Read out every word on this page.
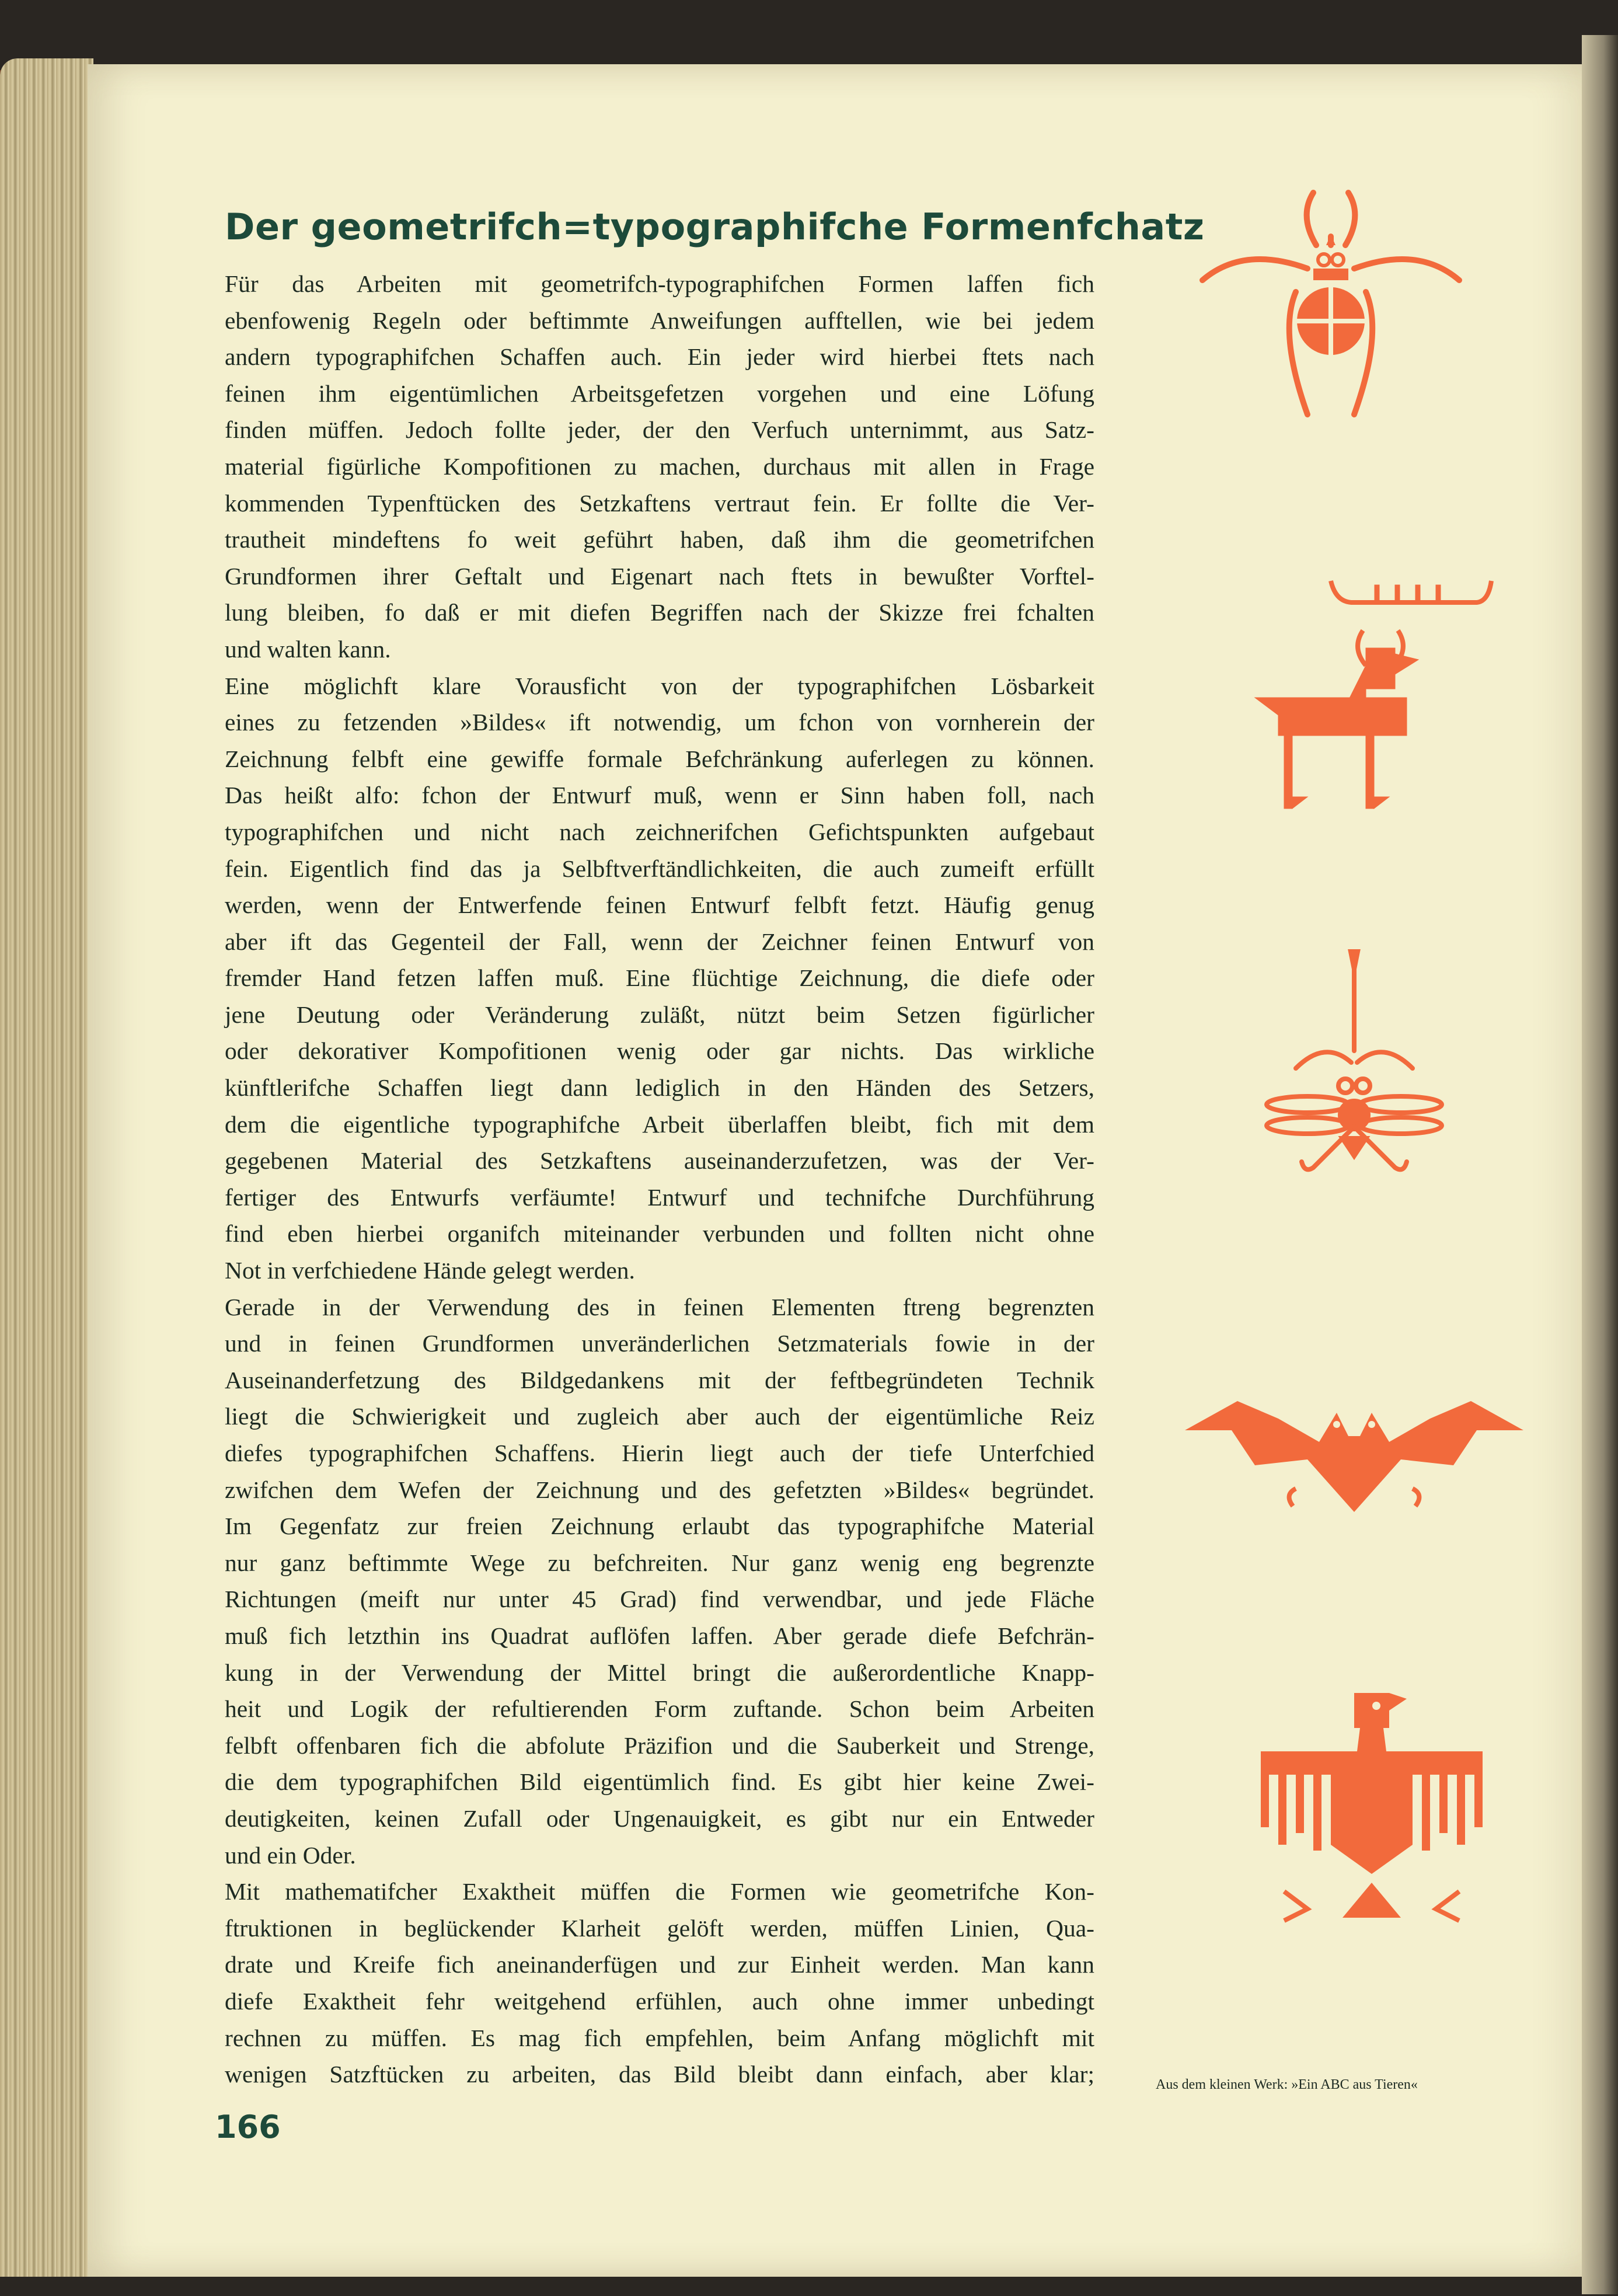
Der geometrifch=typographifche Formenfchatz
Für das Arbeiten mit geometrifch-typographifchen Formen laffen fich
ebenfowenig Regeln oder beftimmte Anweifungen aufftellen, wie bei jedem
andern typographifchen Schaffen auch. Ein jeder wird hierbei ftets nach
feinen ihm eigentümlichen Arbeitsgefetzen vorgehen und eine Löfung
finden müffen. Jedoch follte jeder, der den Verfuch unternimmt, aus Satz-
material figürliche Kompofitionen zu machen, durchaus mit allen in Frage
kommenden Typenftücken des Setzkaftens vertraut fein. Er follte die Ver-
trautheit mindeftens fo weit geführt haben, daß ihm die geometrifchen
Grundformen ihrer Geftalt und Eigenart nach ftets in bewußter Vorftel-
lung bleiben, fo daß er mit diefen Begriffen nach der Skizze frei fchalten
und walten kann.
Eine möglichft klare Vorausficht von der typographifchen Lösbarkeit
eines zu fetzenden »Bildes« ift notwendig, um fchon von vornherein der
Zeichnung felbft eine gewiffe formale Befchränkung auferlegen zu können.
Das heißt alfo: fchon der Entwurf muß, wenn er Sinn haben foll, nach
typographifchen und nicht nach zeichnerifchen Gefichtspunkten aufgebaut
fein. Eigentlich find das ja Selbftverftändlichkeiten, die auch zumeift erfüllt
werden, wenn der Entwerfende feinen Entwurf felbft fetzt. Häufig genug
aber ift das Gegenteil der Fall, wenn der Zeichner feinen Entwurf von
fremder Hand fetzen laffen muß. Eine flüchtige Zeichnung, die diefe oder
jene Deutung oder Veränderung zuläßt, nützt beim Setzen figürlicher
oder dekorativer Kompofitionen wenig oder gar nichts. Das wirkliche
künftlerifche Schaffen liegt dann lediglich in den Händen des Setzers,
dem die eigentliche typographifche Arbeit überlaffen bleibt, fich mit dem
gegebenen Material des Setzkaftens auseinanderzufetzen, was der Ver-
fertiger des Entwurfs verfäumte! Entwurf und technifche Durchführung
find eben hierbei organifch miteinander verbunden und follten nicht ohne
Not in verfchiedene Hände gelegt werden.
Gerade in der Verwendung des in feinen Elementen ftreng begrenzten
und in feinen Grundformen unveränderlichen Setzmaterials fowie in der
Auseinanderfetzung des Bildgedankens mit der feftbegründeten Technik
liegt die Schwierigkeit und zugleich aber auch der eigentümliche Reiz
diefes typographifchen Schaffens. Hierin liegt auch der tiefe Unterfchied
zwifchen dem Wefen der Zeichnung und des gefetzten »Bildes« begründet.
Im Gegenfatz zur freien Zeichnung erlaubt das typographifche Material
nur ganz beftimmte Wege zu befchreiten. Nur ganz wenig eng begrenzte
Richtungen (meift nur unter 45 Grad) find verwendbar, und jede Fläche
muß fich letzthin ins Quadrat auflöfen laffen. Aber gerade diefe Befchrän-
kung in der Verwendung der Mittel bringt die außerordentliche Knapp-
heit und Logik der refultierenden Form zuftande. Schon beim Arbeiten
felbft offenbaren fich die abfolute Präzifion und die Sauberkeit und Strenge,
die dem typographifchen Bild eigentümlich find. Es gibt hier keine Zwei-
deutigkeiten, keinen Zufall oder Ungenauigkeit, es gibt nur ein Entweder
und ein Oder.
Mit mathematifcher Exaktheit müffen die Formen wie geometrifche Kon-
ftruktionen in beglückender Klarheit gelöft werden, müffen Linien, Qua-
drate und Kreife fich aneinanderfügen und zur Einheit werden. Man kann
diefe Exaktheit fehr weitgehend erfühlen, auch ohne immer unbedingt
rechnen zu müffen. Es mag fich empfehlen, beim Anfang möglichft mit
wenigen Satzftücken zu arbeiten, das Bild bleibt dann einfach, aber klar;	Aus dem kleinen Werk: »Ein ABC aus Tieren«
166
